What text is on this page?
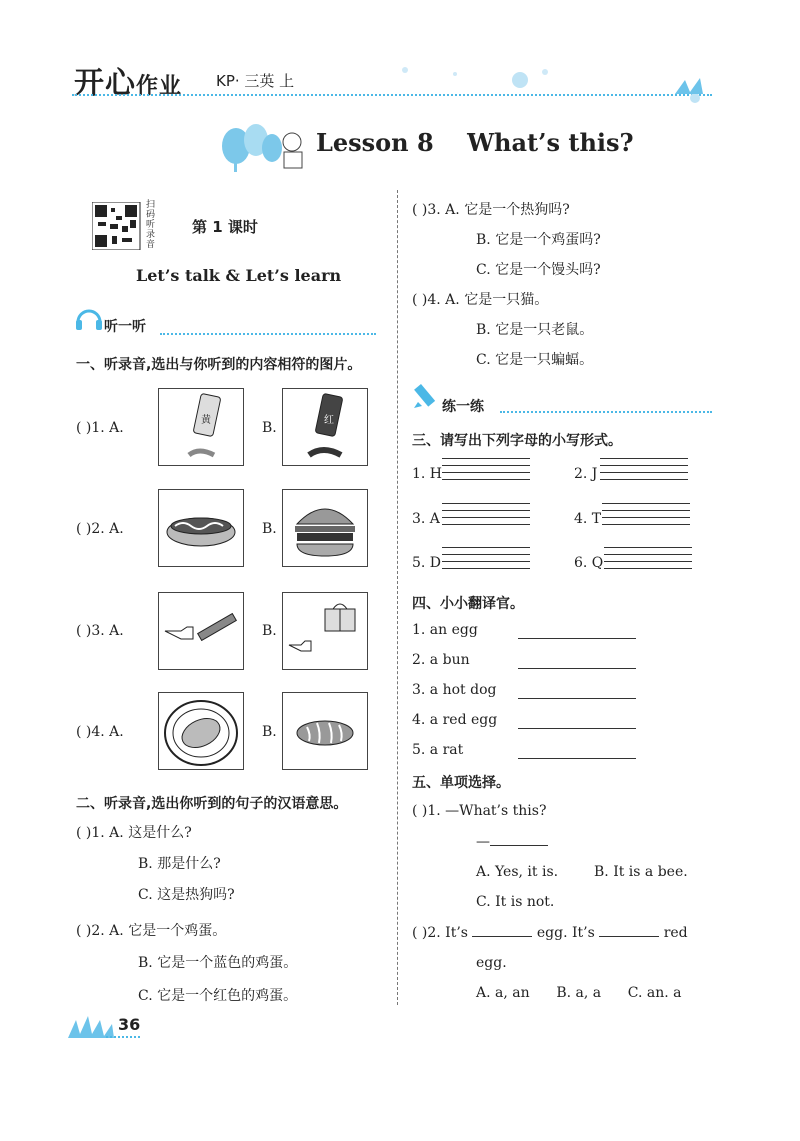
开心作业 KP· 三英 上
Lesson 8    What’s this?
扫码听录音
第 1 课时
Let’s talk & Let’s learn
听一听
一、听录音,选出与你听到的内容相符的图片。
( )1. A.	黄	B.	红
( )2. A.	B.
( )3. A.	B.
( )4. A.	B.
二、听录音,选出你听到的句子的汉语意思。
( )1. A. 这是什么?
B. 那是什么?
C. 这是热狗吗?
( )2. A. 它是一个鸡蛋。
B. 它是一个蓝色的鸡蛋。
C. 它是一个红色的鸡蛋。
36
( )3. A. 它是一个热狗吗?
B. 它是一个鸡蛋吗?
C. 它是一个馒头吗?
( )4. A. 它是一只猫。
B. 它是一只老鼠。
C. 它是一只蝙蝠。
练一练
三、请写出下列字母的小写形式。
1. H	2. J
3. A	4. T
5. D	6. Q
四、小小翻译官。
1. an egg
2. a bun
3. a hot dog
4. a red egg
5. a rat
五、单项选择。
( )1. —What’s this?
—
A. Yes, it is.	B. It is a bee.
C. It is not.
( )2. It’s	egg. It’s	red
egg.
A. a, an      B. a, a      C. an. a
